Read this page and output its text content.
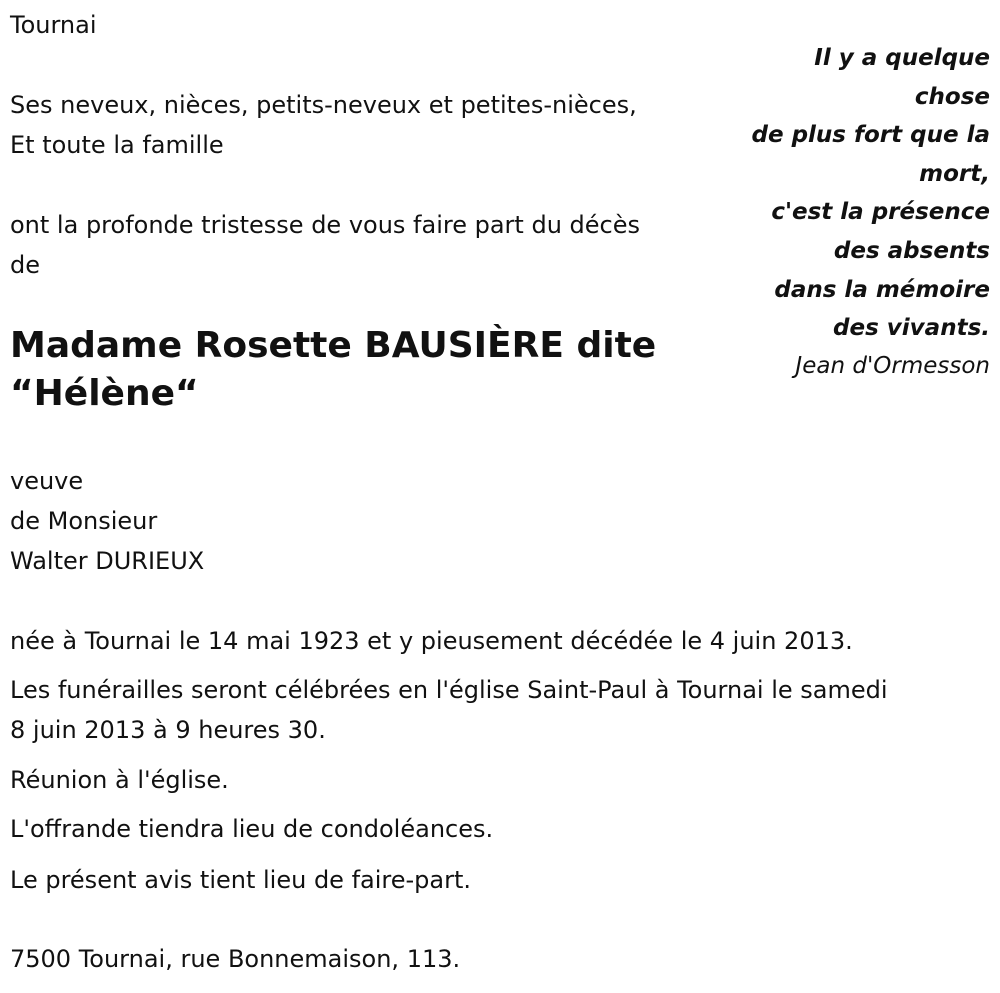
Tournai

Ses neveux, nièces, petits-neveux et petites-nièces,
Et toute la famille
ont la profonde tristesse de vous faire part du décès
de
Madame Rosette BAUSIÈRE dite
“Hélène“
veuve
de Monsieur
Walter DURIEUX

née à Tournai le 14 mai 1923 et y pieusement décédée le 4 juin 2013.

Les funérailles seront célébrées en l'église Saint-Paul à Tournai le samedi
8 juin 2013 à 9 heures 30.

Réunion à l'église.

L'offrande tiendra lieu de condoléances.

Le présent avis tient lieu de faire-part.

7500 Tournai, rue Bonnemaison, 113.

Il y a quelque
chose
de plus fort que la
mort,
c'est la présence
des absents
dans la mémoire
des vivants.

Jean d'Ormesson
